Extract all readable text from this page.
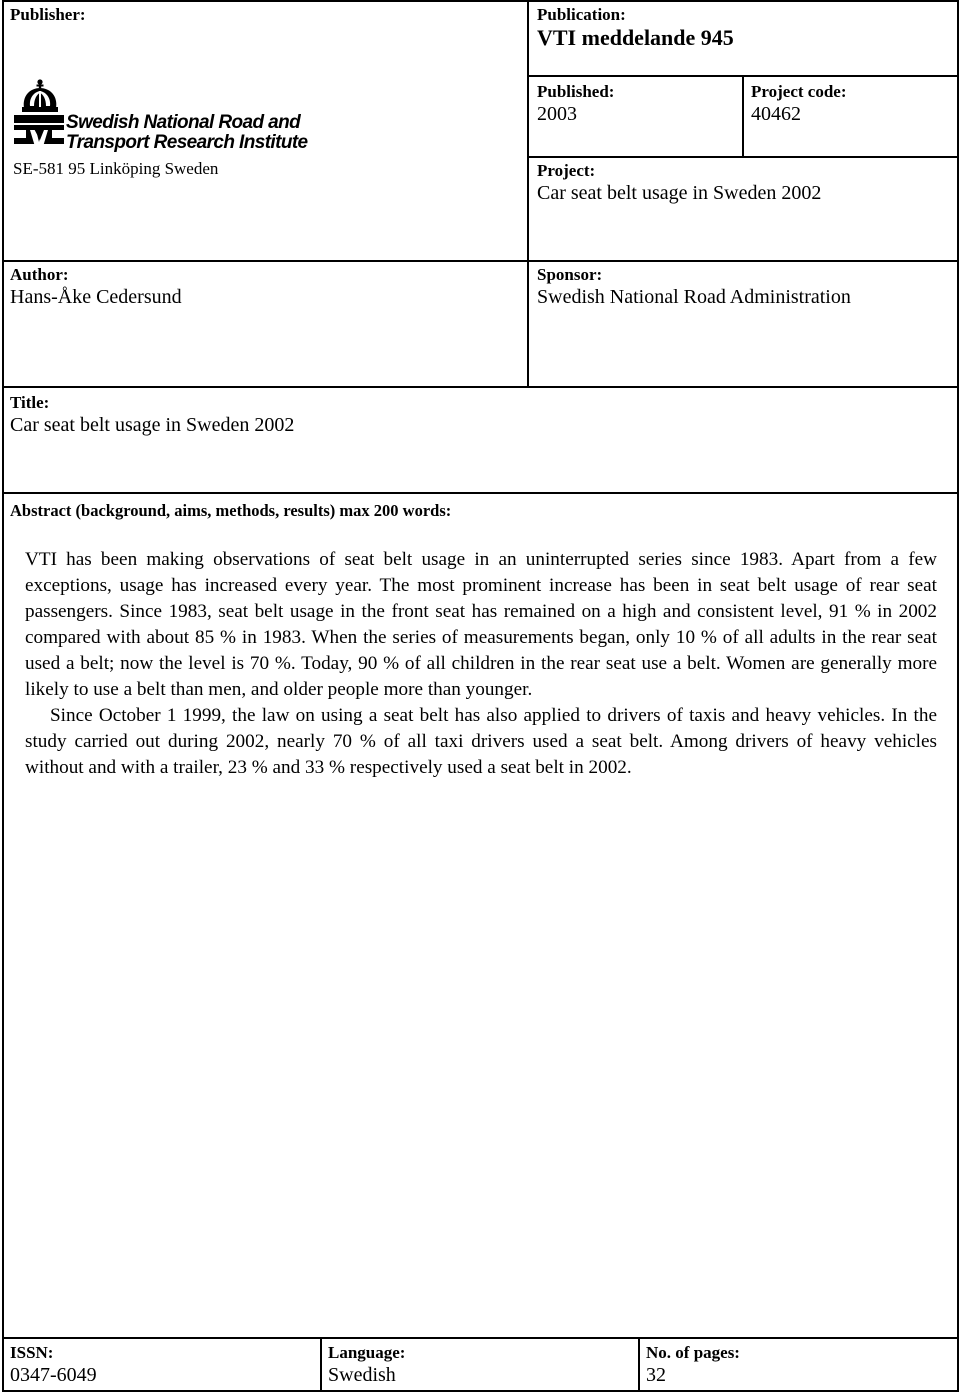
Publisher:
Swedish National Road and
Transport Research Institute
SE-581 95 Linköping Sweden
Publication:
VTI meddelande 945
Published:
2003
Project code:
40462
Project:
Car seat belt usage in Sweden 2002
Author:
Hans-Åke Cedersund
Sponsor:
Swedish National Road Administration
Title:
Car seat belt usage in Sweden 2002
Abstract (background, aims, methods, results) max 200 words:

VTI has been making observations of seat belt usage in an uninterrupted series since 1983. Apart from a few exceptions, usage has increased every year. The most prominent increase has been in seat belt usage of rear seat passengers. Since 1983, seat belt usage in the front seat has remained on a high and consistent level, 91 % in 2002 compared with about 85 % in 1983. When the series of measurements began, only 10 % of all adults in the rear seat used a belt; now the level is 70 %. Today, 90 % of all children in the rear seat use a belt. Women are generally more likely to use a belt than men, and older people more than younger.

Since October 1 1999, the law on using a seat belt has also applied to drivers of taxis and heavy vehicles. In the study carried out during 2002, nearly 70 % of all taxi drivers used a seat belt. Among drivers of heavy vehicles without and with a trailer, 23 % and 33 % respectively used a seat belt in 2002.

ISSN:
0347-6049
Language:
Swedish
No. of pages:
32
